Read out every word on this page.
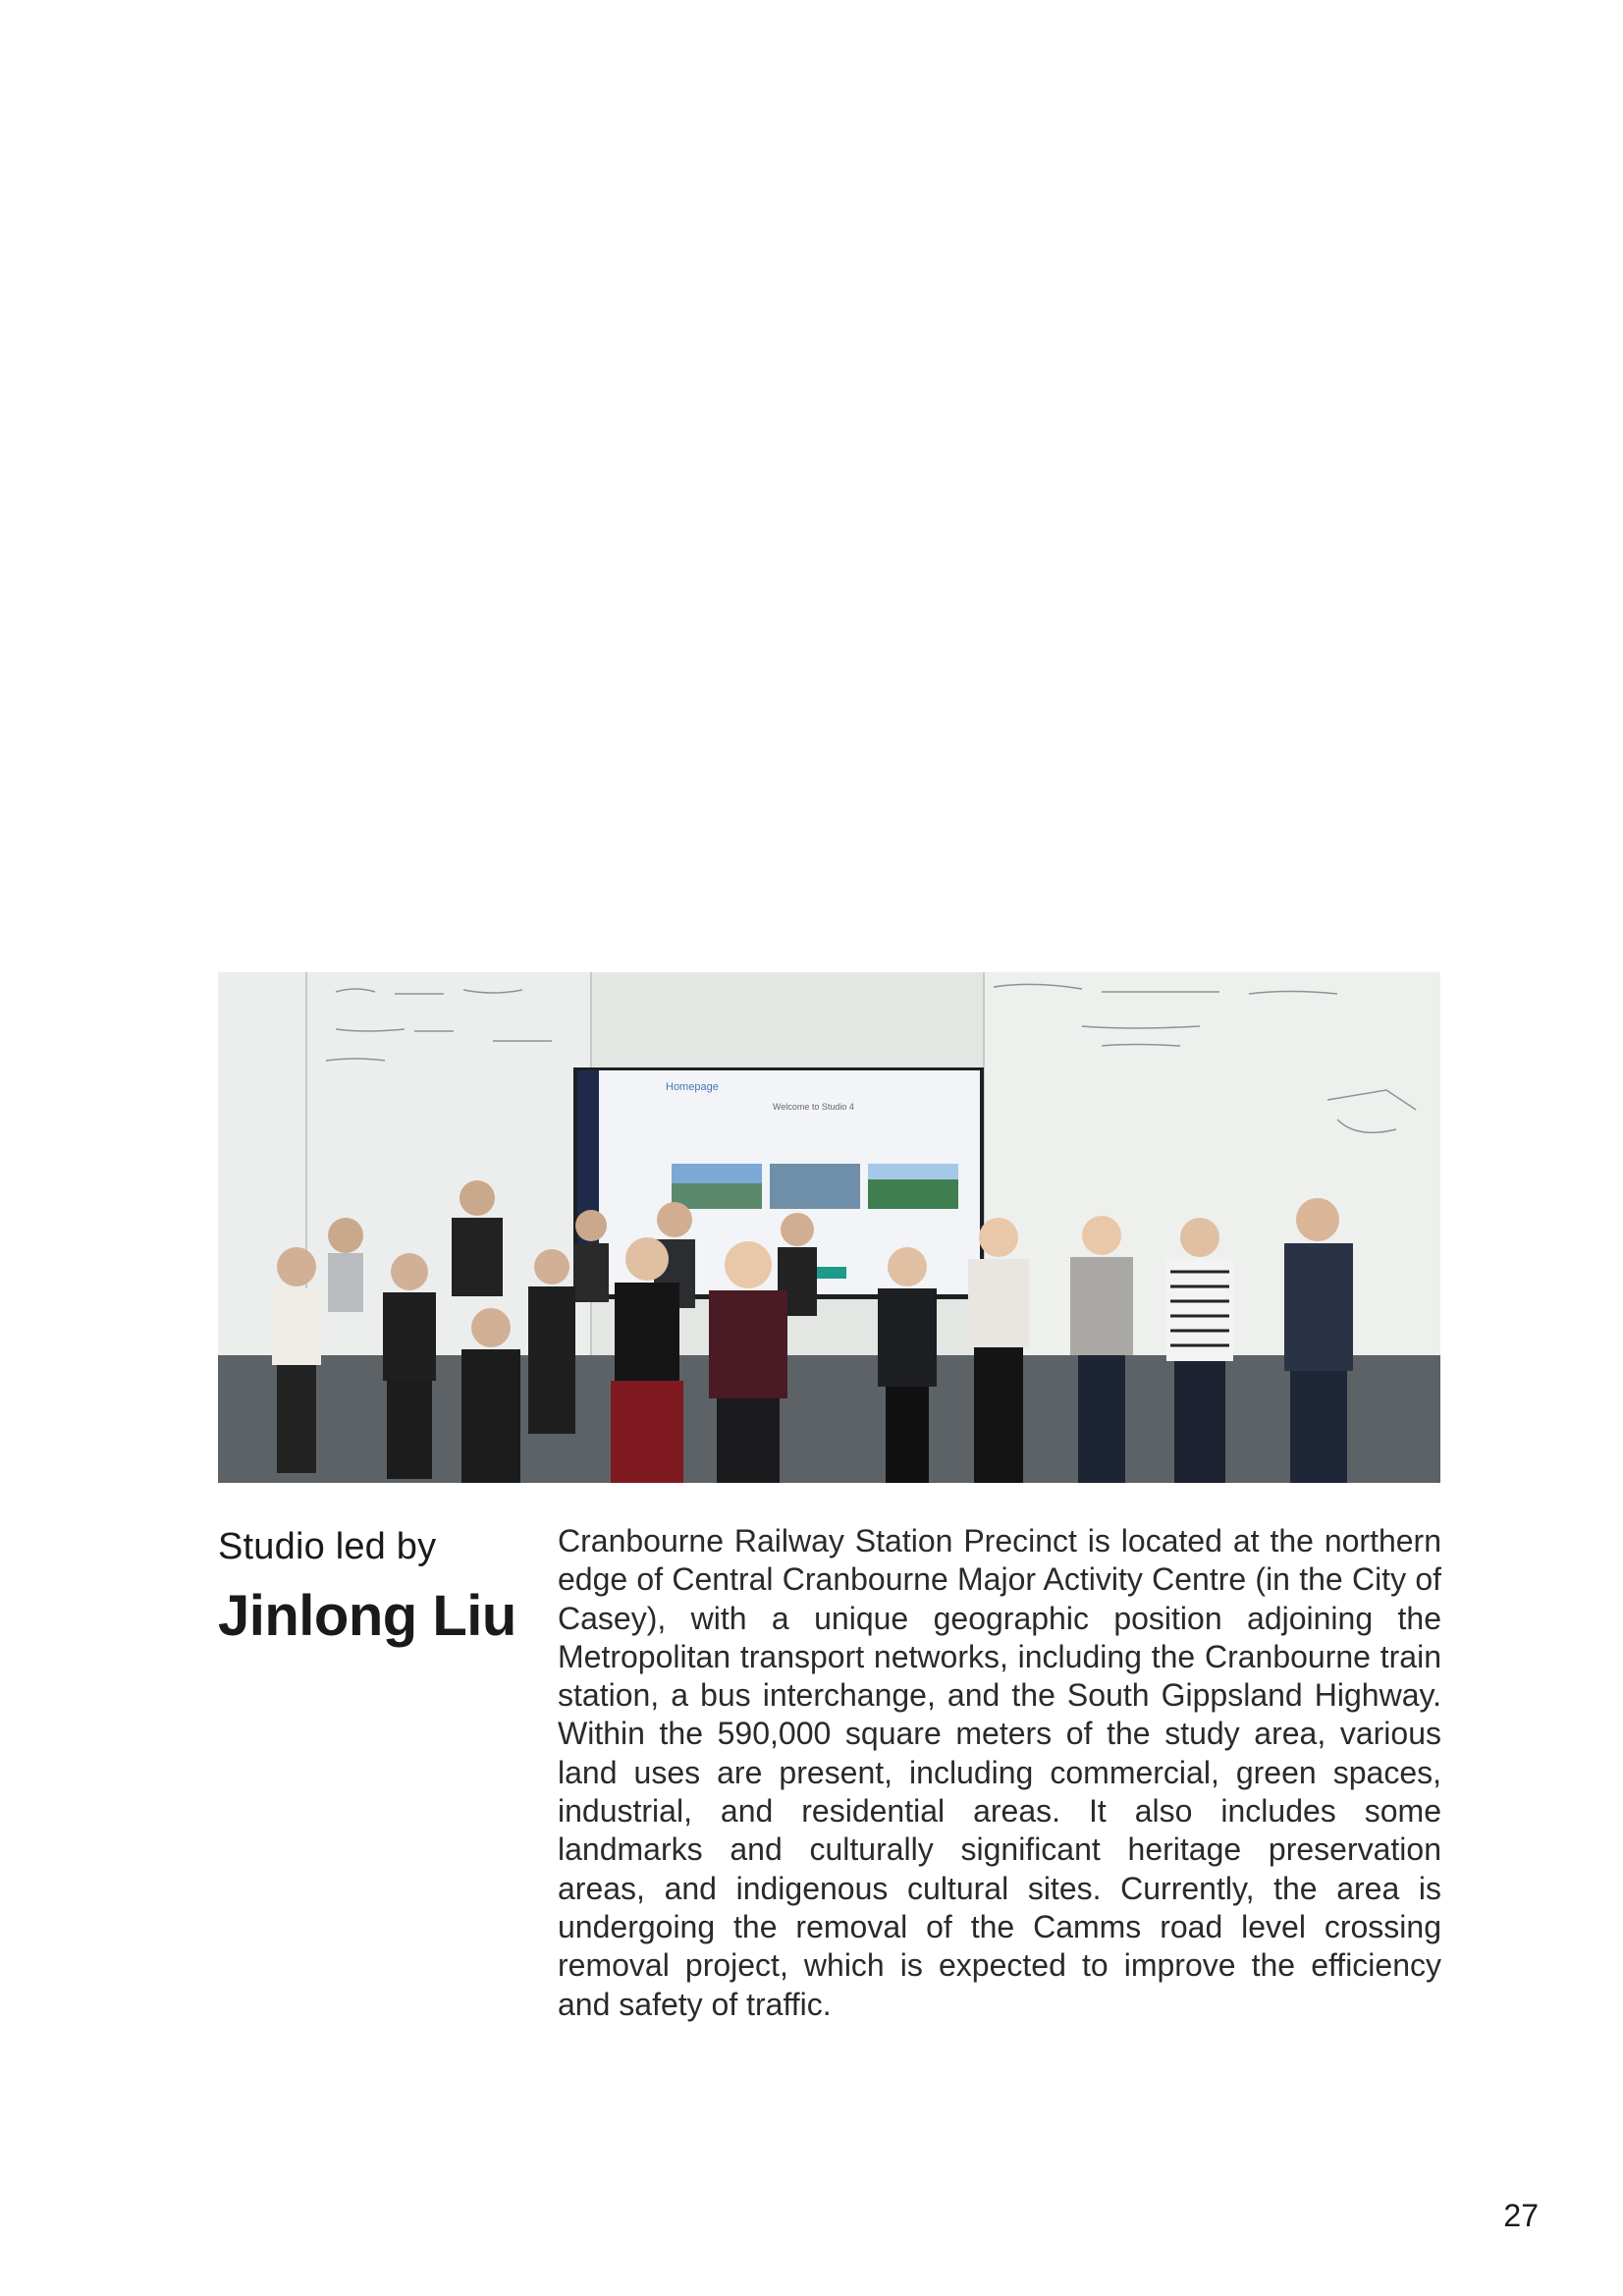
Homepage
Welcome to Studio 4
Studio led by
Jinlong Liu

Cranbourne Railway Station Precinct is located at the northern edge of Central Cranbourne Major Activity Centre (in the City of Casey), with a unique geographic position adjoining the Metropolitan transport networks, including the Cranbourne train station, a bus interchange, and the South Gippsland Highway. Within the 590,000 square meters of the study area, various land uses are present, including commercial, green spaces, industrial, and residential areas. It also includes some landmarks and culturally significant heritage preservation areas, and indigenous cultural sites. Currently, the area is undergoing the removal of the Camms road level crossing removal project, which is expected to improve the efficiency and safety of traffic.

27
